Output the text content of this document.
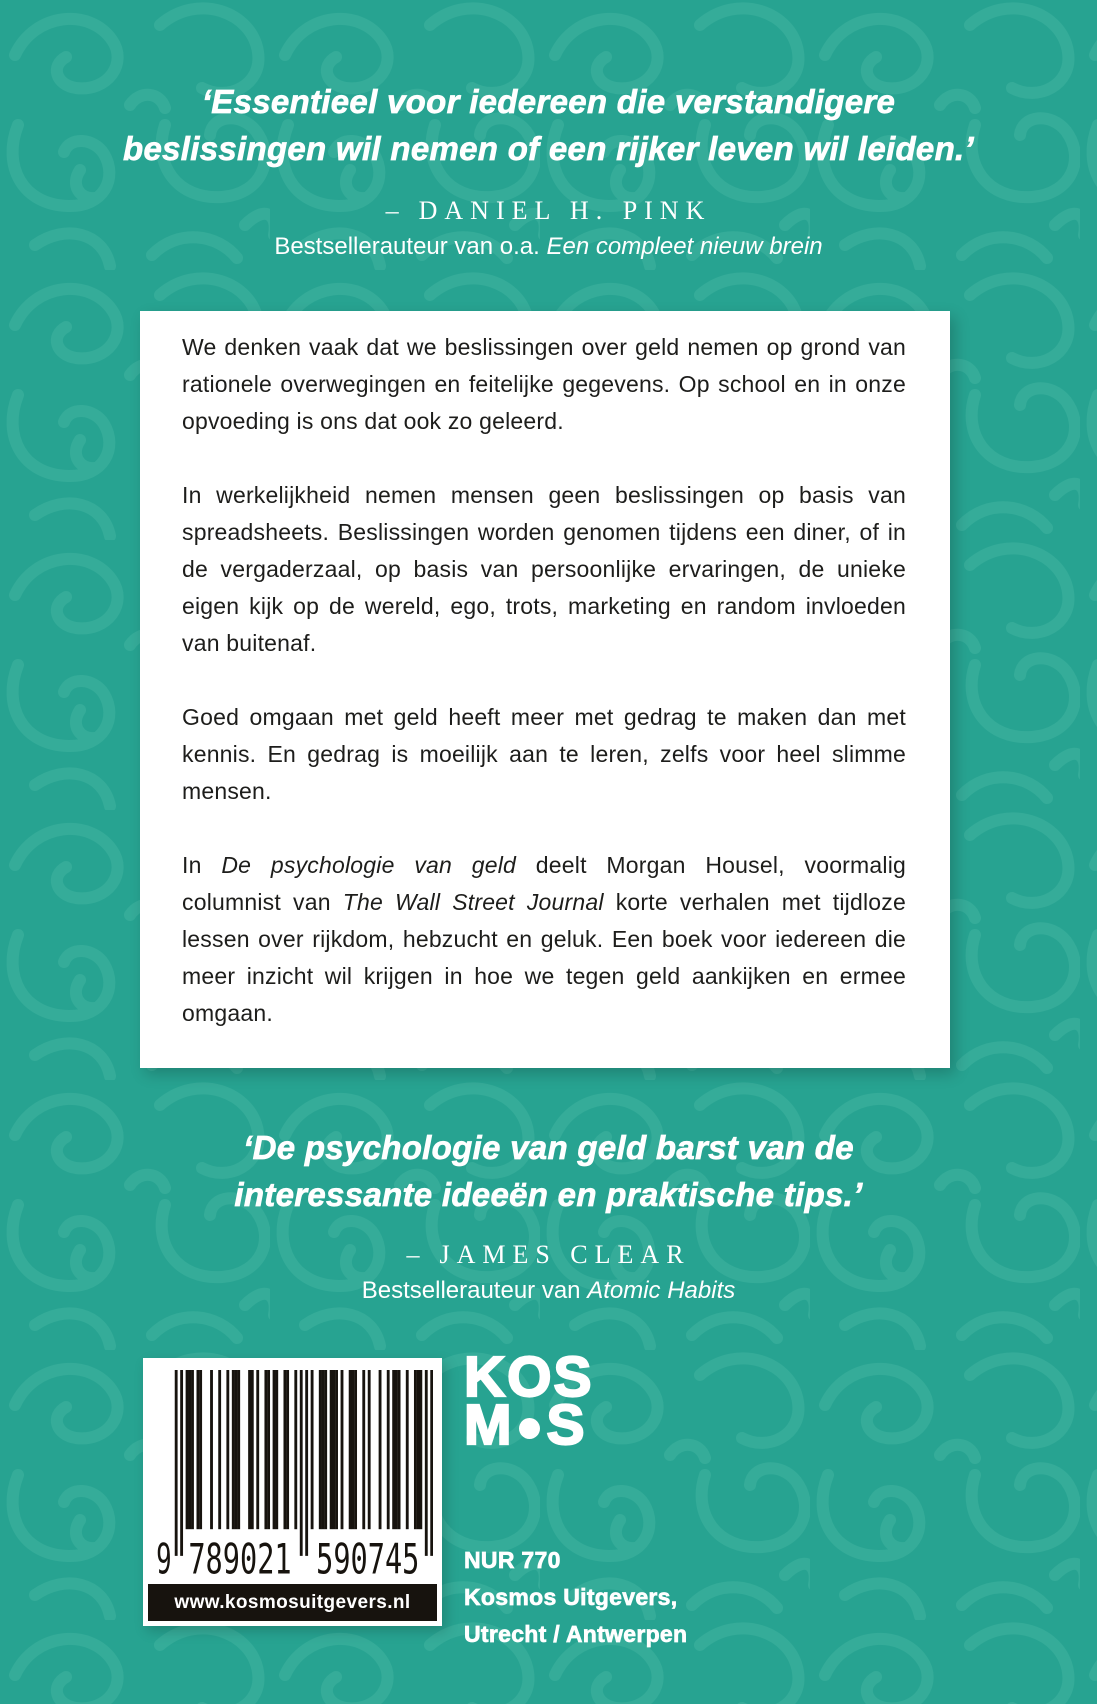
‘Essentieel voor iedereen die verstandigere
beslissingen wil nemen of een rijker leven wil leiden.’
– DANIEL H. PINK
Bestsellerauteur van o.a. Een compleet nieuw brein

We denken vaak dat we beslissingen over geld nemen op grond van rationele overwegingen en feitelijke gegevens. Op school en in onze opvoeding is ons dat ook zo geleerd.

In werkelijkheid nemen mensen geen beslissingen op basis van spreadsheets. Beslissingen worden genomen tijdens een diner, of in de vergaderzaal, op basis van persoonlijke ervaringen, de unieke eigen kijk op de wereld, ego, trots, marketing en random invloeden van buitenaf.

Goed omgaan met geld heeft meer met gedrag te maken dan met kennis. En gedrag is moeilijk aan te leren, zelfs voor heel slimme mensen.

In De psychologie van geld deelt Morgan Housel, voormalig columnist van The Wall Street Journal korte verhalen met tijdloze lessen over rijkdom, hebzucht en geluk. Een boek voor iedereen die meer inzicht wil krijgen in hoe we tegen geld aankijken en ermee omgaan.

‘De psychologie van geld barst van de
interessante ideeën en praktische tips.’
– JAMES CLEAR
Bestsellerauteur van Atomic Habits
9 789021	590745
www.kosmosuitgevers.nl
KOS
M S
NUR 770
Kosmos Uitgevers,
Utrecht / Antwerpen
